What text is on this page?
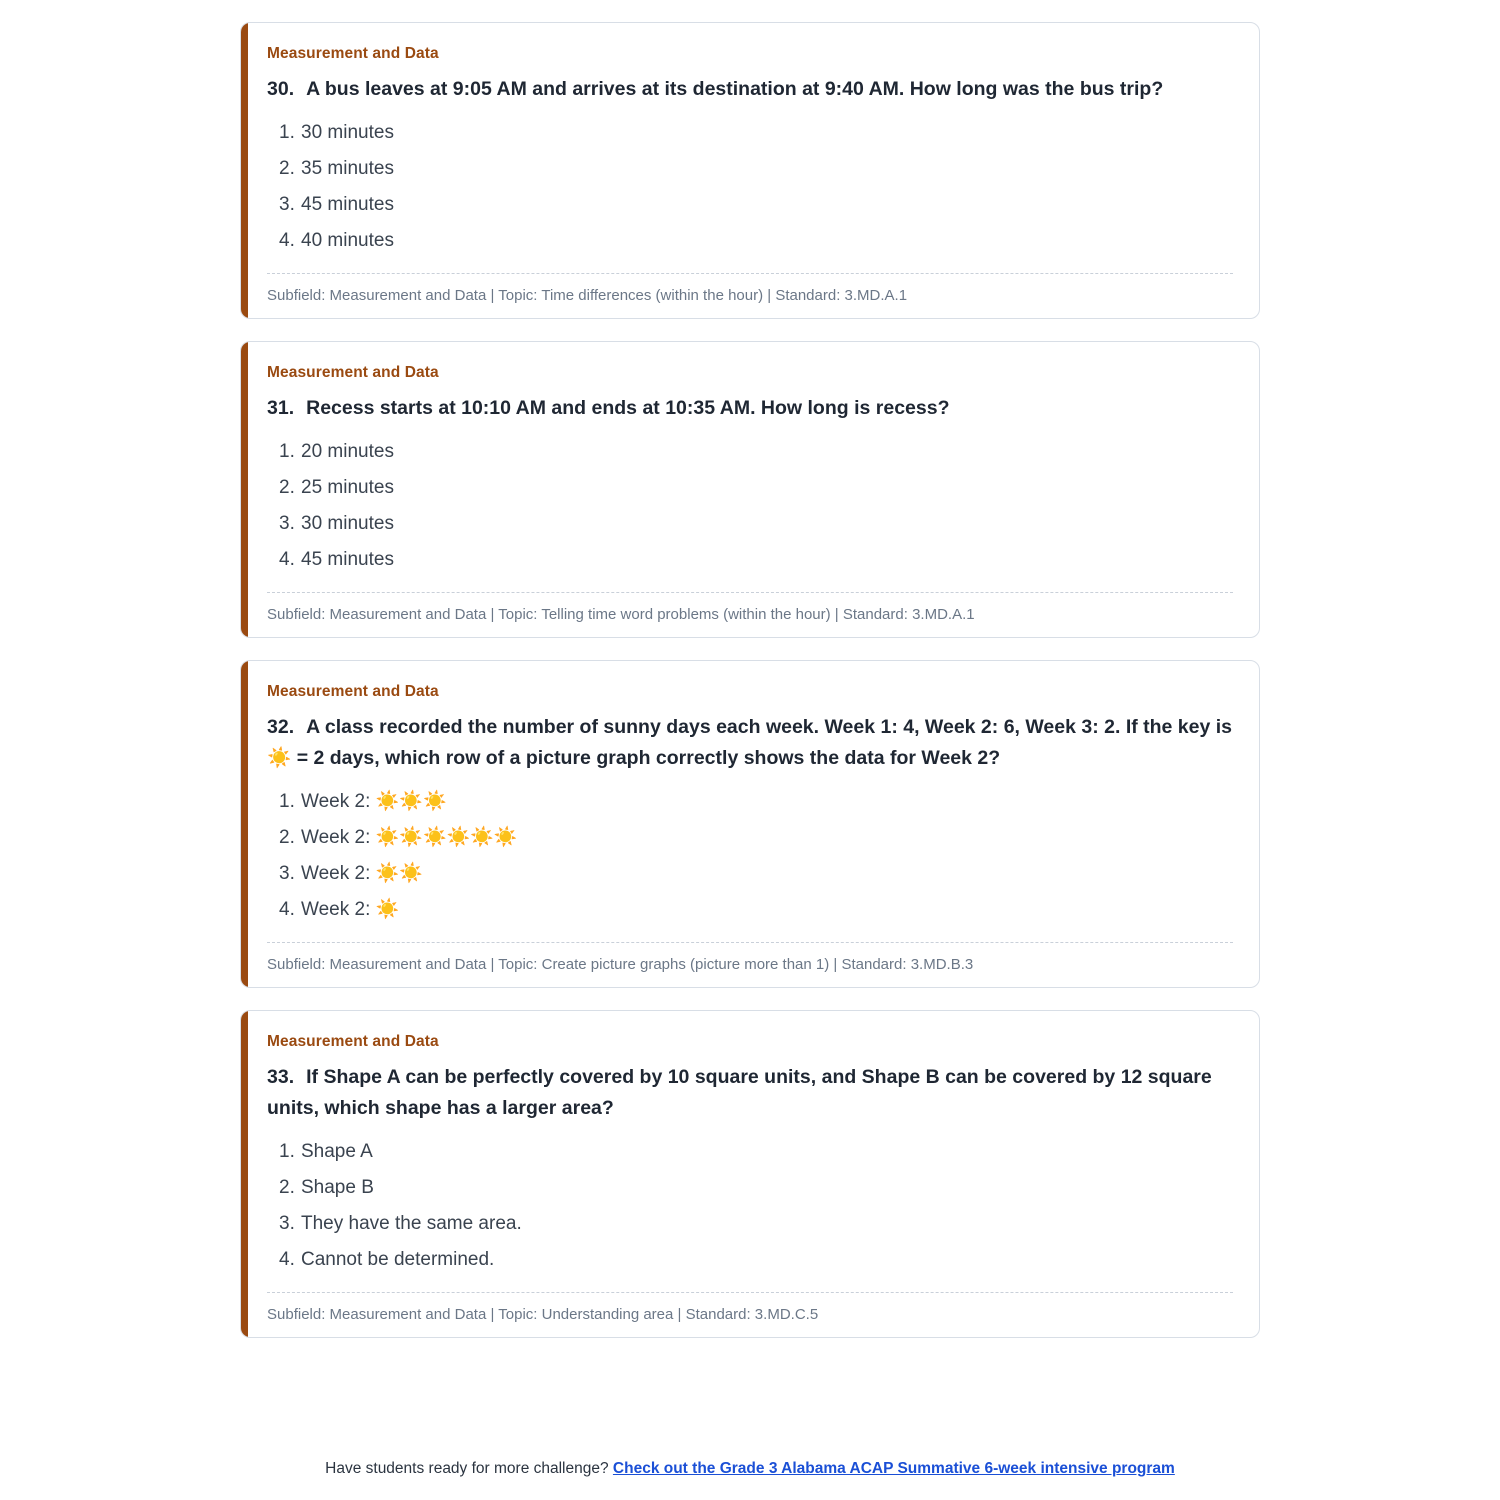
Measurement and Data

30. A bus leaves at 9:05 AM and arrives at its destination at 9:40 AM. How long was the bus trip?

1. 30 minutes
2. 35 minutes
3. 45 minutes
4. 40 minutes
Subfield: Measurement and Data | Topic: Time differences (within the hour) | Standard: 3.MD.A.1
Measurement and Data

31. Recess starts at 10:10 AM and ends at 10:35 AM. How long is recess?

1. 20 minutes
2. 25 minutes
3. 30 minutes
4. 45 minutes
Subfield: Measurement and Data | Topic: Telling time word problems (within the hour) | Standard: 3.MD.A.1
Measurement and Data

32. A class recorded the number of sunny days each week. Week 1: 4, Week 2: 6, Week 3: 2. If the key is ☀️ = 2 days, which row of a picture graph correctly shows the data for Week 2?

1. Week 2: ☀️☀️☀️
2. Week 2: ☀️☀️☀️☀️☀️☀️
3. Week 2: ☀️☀️
4. Week 2: ☀️
Subfield: Measurement and Data | Topic: Create picture graphs (picture more than 1) | Standard: 3.MD.B.3
Measurement and Data

33. If Shape A can be perfectly covered by 10 square units, and Shape B can be covered by 12 square units, which shape has a larger area?

1. Shape A
2. Shape B
3. They have the same area.
4. Cannot be determined.
Subfield: Measurement and Data | Topic: Understanding area | Standard: 3.MD.C.5
Have students ready for more challenge? Check out the Grade 3 Alabama ACAP Summative 6-week intensive program
